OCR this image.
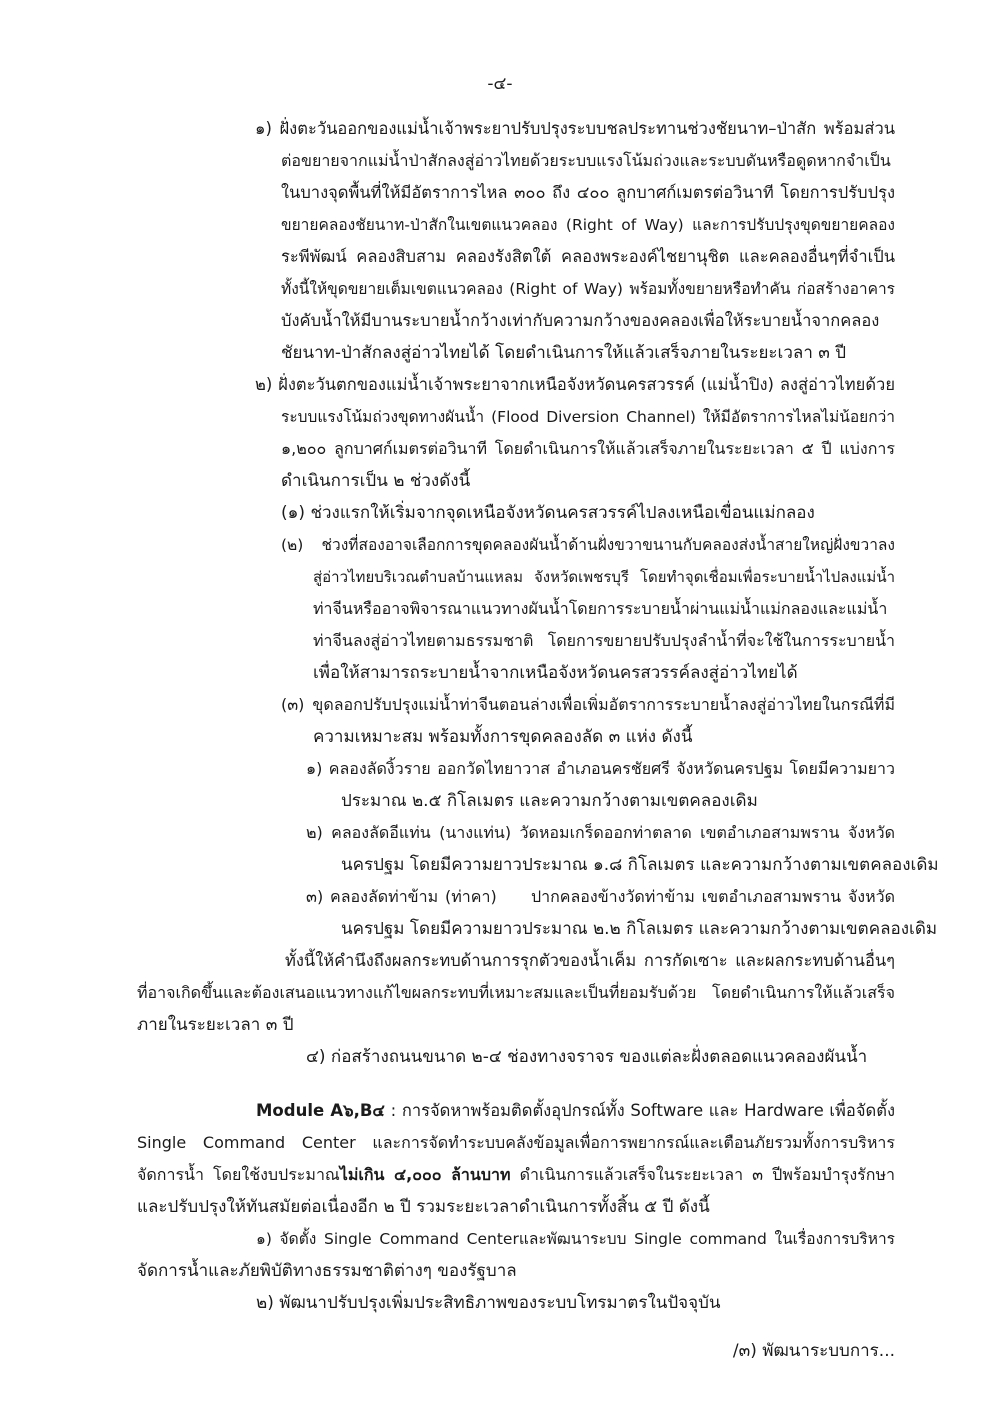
-๔-

๑) ฝั่งตะวันออกของแม่น้ำเจ้าพระยาปรับปรุงระบบชลประทานช่วงชัยนาท–ป่าสัก พร้อมส่วน

ต่อขยายจากแม่น้ำป่าสักลงสู่อ่าวไทยด้วยระบบแรงโน้มถ่วงและระบบดันหรือดูดหากจำเป็น

ในบางจุดพื้นที่ให้มีอัตราการไหล ๓๐๐ ถึง ๔๐๐ ลูกบาศก์เมตรต่อวินาที โดยการปรับปรุง

ขยายคลองชัยนาท-ป่าสักในเขตแนวคลอง (Right of Way) และการปรับปรุงขุดขยายคลอง

ระพีพัฒน์ คลองสิบสาม คลองรังสิตใต้ คลองพระองค์ไชยานุชิต และคลองอื่นๆที่จำเป็น

ทั้งนี้ให้ขุดขยายเต็มเขตแนวคลอง (Right of Way) พร้อมทั้งขยายหรือทำคัน ก่อสร้างอาคาร

บังคับน้ำให้มีบานระบายน้ำกว้างเท่ากับความกว้างของคลองเพื่อให้ระบายน้ำจากคลอง

ชัยนาท-ป่าสักลงสู่อ่าวไทยได้ โดยดำเนินการให้แล้วเสร็จภายในระยะเวลา ๓ ปี

๒) ฝั่งตะวันตกของแม่น้ำเจ้าพระยาจากเหนือจังหวัดนครสวรรค์ (แม่น้ำปิง) ลงสู่อ่าวไทยด้วย

ระบบแรงโน้มถ่วงขุดทางผันน้ำ (Flood Diversion Channel) ให้มีอัตราการไหลไม่น้อยกว่า

๑,๒๐๐ ลูกบาศก์เมตรต่อวินาที โดยดำเนินการให้แล้วเสร็จภายในระยะเวลา ๕ ปี แบ่งการ

ดำเนินการเป็น ๒ ช่วงดังนี้

(๑) ช่วงแรกให้เริ่มจากจุดเหนือจังหวัดนครสวรรค์ไปลงเหนือเขื่อนแม่กลอง

(๒) ช่วงที่สองอาจเลือกการขุดคลองผันน้ำด้านฝั่งขวาขนานกับคลองส่งน้ำสายใหญ่ฝั่งขวาลง

สู่อ่าวไทยบริเวณตำบลบ้านแหลม จังหวัดเพชรบุรี โดยทำจุดเชื่อมเพื่อระบายน้ำไปลงแม่น้ำ

ท่าจีนหรืออาจพิจารณาแนวทางผันน้ำโดยการระบายน้ำผ่านแม่น้ำแม่กลองและแม่น้ำ

ท่าจีนลงสู่อ่าวไทยตามธรรมชาติ โดยการขยายปรับปรุงลำน้ำที่จะใช้ในการระบายน้ำ

เพื่อให้สามารถระบายน้ำจากเหนือจังหวัดนครสวรรค์ลงสู่อ่าวไทยได้

(๓) ขุดลอกปรับปรุงแม่น้ำท่าจีนตอนล่างเพื่อเพิ่มอัตราการระบายน้ำลงสู่อ่าวไทยในกรณีที่มี

ความเหมาะสม พร้อมทั้งการขุดคลองลัด ๓ แห่ง ดังนี้

๑) คลองลัดงิ้วราย ออกวัดไทยาวาส อำเภอนครชัยศรี จังหวัดนครปฐม โดยมีความยาว

ประมาณ ๒.๕ กิโลเมตร และความกว้างตามเขตคลองเดิม

๒) คลองลัดอีแท่น (นางแท่น) วัดหอมเกร็ดออกท่าตลาด เขตอำเภอสามพราน จังหวัด

นครปฐม โดยมีความยาวประมาณ ๑.๘ กิโลเมตร และความกว้างตามเขตคลองเดิม

๓) คลองลัดท่าข้าม (ท่าคา)     ปากคลองข้างวัดท่าข้าม เขตอำเภอสามพราน จังหวัด

นครปฐม โดยมีความยาวประมาณ ๒.๒ กิโลเมตร และความกว้างตามเขตคลองเดิม

ทั้งนี้ให้คำนึงถึงผลกระทบด้านการรุกตัวของน้ำเค็ม การกัดเซาะ และผลกระทบด้านอื่นๆ

ที่อาจเกิดขึ้นและต้องเสนอแนวทางแก้ไขผลกระทบที่เหมาะสมและเป็นที่ยอมรับด้วย โดยดำเนินการให้แล้วเสร็จ

ภายในระยะเวลา ๓ ปี

๔) ก่อสร้างถนนขนาด ๒-๔ ช่องทางจราจร ของแต่ละฝั่งตลอดแนวคลองผันน้ำ

Module A๖,B๔ : การจัดหาพร้อมติดตั้งอุปกรณ์ทั้ง Software และ Hardware เพื่อจัดตั้ง

Single Command Center และการจัดทำระบบคลังข้อมูลเพื่อการพยากรณ์และเตือนภัยรวมทั้งการบริหาร

จัดการน้ำ โดยใช้งบประมาณไม่เกิน ๔,๐๐๐ ล้านบาท ดำเนินการแล้วเสร็จในระยะเวลา ๓ ปีพร้อมบำรุงรักษา

และปรับปรุงให้ทันสมัยต่อเนื่องอีก ๒ ปี รวมระยะเวลาดำเนินการทั้งสิ้น ๕ ปี ดังนี้

๑) จัดตั้ง Single Command Centerและพัฒนาระบบ Single command ในเรื่องการบริหาร

จัดการน้ำและภัยพิบัติทางธรรมชาติต่างๆ ของรัฐบาล

๒) พัฒนาปรับปรุงเพิ่มประสิทธิภาพของระบบโทรมาตรในปัจจุบัน

/๓) พัฒนาระบบการ...
